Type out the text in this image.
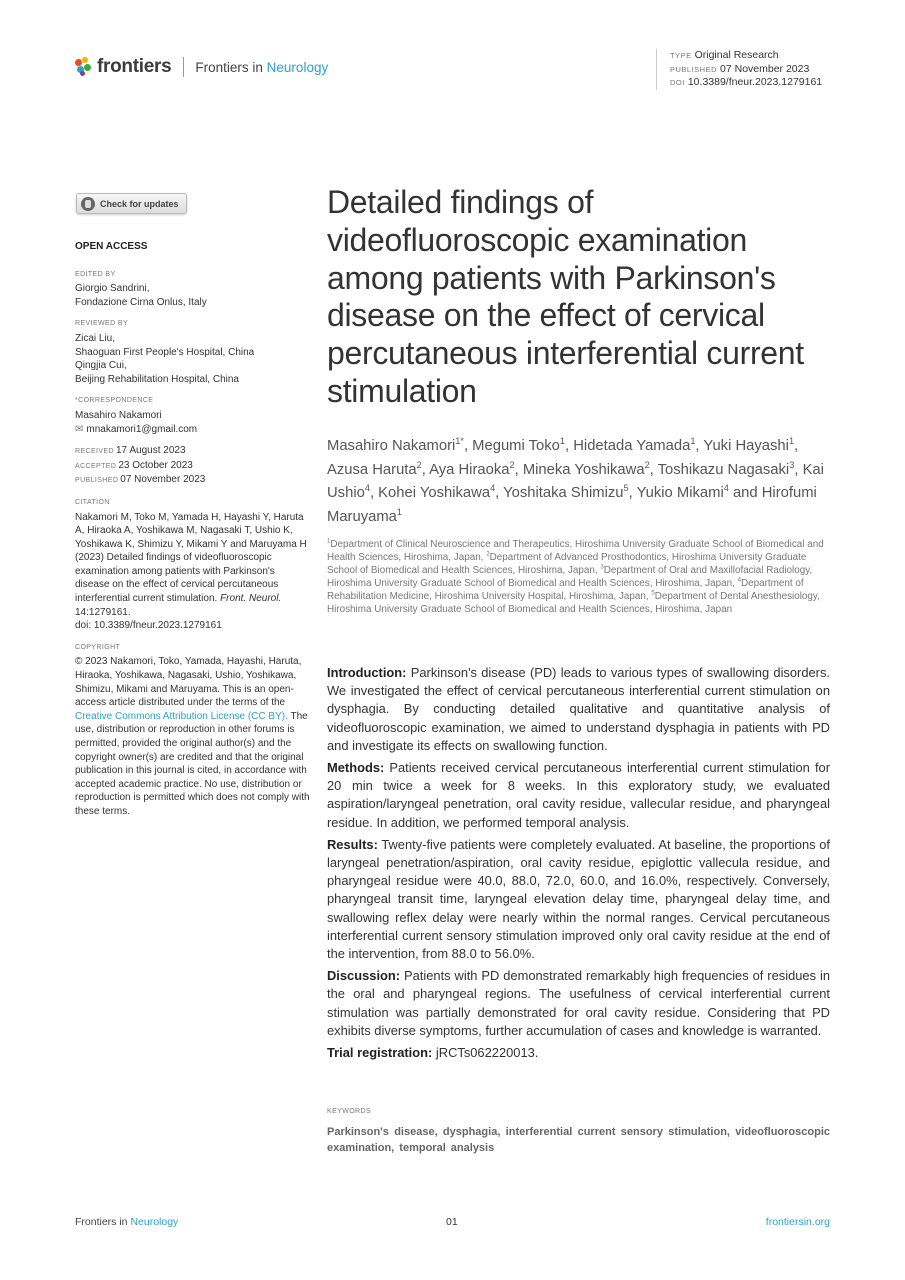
frontiers Frontiers in Neurology
TYPE Original Research
PUBLISHED 07 November 2023
DOI 10.3389/fneur.2023.1279161
Check for updates
OPEN ACCESS
EDITED BY

Giorgio Sandrini,

Fondazione Cirna Onlus, Italy

REVIEWED BY

Zicai Liu,

Shaoguan First People's Hospital, China

Qingjia Cui,

Beijing Rehabilitation Hospital, China

*CORRESPONDENCE

Masahiro Nakamori

✉ mnakamori1@gmail.com

RECEIVED 17 August 2023

ACCEPTED 23 October 2023

PUBLISHED 07 November 2023

CITATION

Nakamori M, Toko M, Yamada H, Hayashi Y, Haruta A, Hiraoka A, Yoshikawa M, Nagasaki T, Ushio K, Yoshikawa K, Shimizu Y, Mikami Y and Maruyama H (2023) Detailed findings of videofluoroscopic examination among patients with Parkinson's disease on the effect of cervical percutaneous interferential current stimulation. Front. Neurol. 14:1279161.
doi: 10.3389/fneur.2023.1279161

COPYRIGHT

© 2023 Nakamori, Toko, Yamada, Hayashi, Haruta, Hiraoka, Yoshikawa, Nagasaki, Ushio, Yoshikawa, Shimizu, Mikami and Maruyama. This is an open-access article distributed under the terms of the Creative Commons Attribution License (CC BY). The use, distribution or reproduction in other forums is permitted, provided the original author(s) and the copyright owner(s) are credited and that the original publication in this journal is cited, in accordance with accepted academic practice. No use, distribution or reproduction is permitted which does not comply with these terms.

Detailed findings of videofluoroscopic examination among patients with Parkinson's disease on the effect of cervical percutaneous interferential current stimulation
Masahiro Nakamori$^{1*}$, Megumi Toko$^1$, Hidetada Yamada$^1$, Yuki Hayashi$^1$, Azusa Haruta$^2$, Aya Hiraoka$^2$, Mineka Yoshikawa$^2$, Toshikazu Nagasaki$^3$, Kai Ushio$^4$, Kohei Yoshikawa$^4$, Yoshitaka Shimizu$^5$, Yukio Mikami$^4$ and Hirofumi Maruyama$^1$
$^1$Department of Clinical Neuroscience and Therapeutics, Hiroshima University Graduate School of Biomedical and Health Sciences, Hiroshima, Japan, $^2$Department of Advanced Prosthodontics, Hiroshima University Graduate School of Biomedical and Health Sciences, Hiroshima, Japan, $^3$Department of Oral and Maxillofacial Radiology, Hiroshima University Graduate School of Biomedical and Health Sciences, Hiroshima, Japan, $^4$Department of Rehabilitation Medicine, Hiroshima University Hospital, Hiroshima, Japan, $^5$Department of Dental Anesthesiology, Hiroshima University Graduate School of Biomedical and Health Sciences, Hiroshima, Japan

Introduction: Parkinson's disease (PD) leads to various types of swallowing disorders. We investigated the effect of cervical percutaneous interferential current stimulation on dysphagia. By conducting detailed qualitative and quantitative analysis of videofluoroscopic examination, we aimed to understand dysphagia in patients with PD and investigate its effects on swallowing function.

Methods: Patients received cervical percutaneous interferential current stimulation for 20 min twice a week for 8 weeks. In this exploratory study, we evaluated aspiration/laryngeal penetration, oral cavity residue, vallecular residue, and pharyngeal residue. In addition, we performed temporal analysis.

Results: Twenty-five patients were completely evaluated. At baseline, the proportions of laryngeal penetration/aspiration, oral cavity residue, epiglottic vallecula residue, and pharyngeal residue were 40.0, 88.0, 72.0, 60.0, and 16.0%, respectively. Conversely, pharyngeal transit time, laryngeal elevation delay time, pharyngeal delay time, and swallowing reflex delay were nearly within the normal ranges. Cervical percutaneous interferential current sensory stimulation improved only oral cavity residue at the end of the intervention, from 88.0 to 56.0%.

Discussion: Patients with PD demonstrated remarkably high frequencies of residues in the oral and pharyngeal regions. The usefulness of cervical interferential current stimulation was partially demonstrated for oral cavity residue. Considering that PD exhibits diverse symptoms, further accumulation of cases and knowledge is warranted.

Trial registration: jRCTs062220013.

KEYWORDS
Parkinson's disease, dysphagia, interferential current sensory stimulation, videofluoroscopic examination, temporal analysis
Frontiers in Neurology	01	frontiersin.org
